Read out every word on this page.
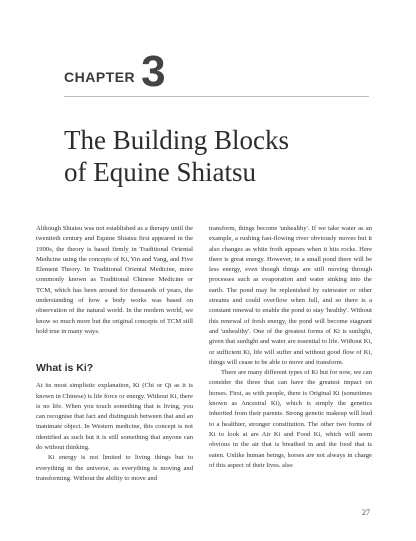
CHAPTER 3
The Building Blocks
of Equine Shiatsu

Although Shiatsu was not established as a therapy until the twentieth century and Equine Shiatsu first appeared in the 1990s, the theory is based firmly in Traditional Oriental Medicine using the concepts of Ki, Yin and Yang, and Five Element Theory. In Traditional Oriental Medicine, more commonly known as Traditional Chinese Medicine or TCM, which has been around for thousands of years, the understanding of how a body works was based on observation of the natural world. In the modern world, we know so much more but the original concepts of TCM still hold true in many ways.

What is Ki?

At its most simplistic explanation, Ki (Chi or Qi as it is known in Chinese) is life force or energy. Without Ki, there is no life. When you touch something that is living, you can recognise that fact and distinguish between that and an inanimate object. In Western medicine, this concept is not identified as such but it is still something that anyone can do without thinking.

Ki energy is not limited to living things but to everything in the universe, as everything is moving and transforming. Without the ability to move and

transform, things become 'unhealthy'. If we take water as an example, a rushing fast-flowing river obviously moves but it also changes as white froth appears when it hits rocks. Here there is great energy. However, in a small pond there will be less energy, even though things are still moving through processes such as evaporation and water sinking into the earth. The pond may be replenished by rainwater or other streams and could overflow when full, and so there is a constant renewal to enable the pond to stay 'healthy'. Without this renewal of fresh energy, the pond will become stagnant and 'unhealthy'. One of the greatest forms of Ki is sunlight, given that sunlight and water are essential to life. Without Ki, or sufficient Ki, life will suffer and without good flow of Ki, things will cease to be able to move and transform.

There are many different types of Ki but for now, we can consider the three that can have the greatest impact on horses. First, as with people, there is Original Ki (sometimes known as Ancestral Ki), which is simply the genetics inherited from their parents. Strong genetic makeup will lead to a healthier, stronger constitution. The other two forms of Ki to look at are Air Ki and Food Ki, which will seem obvious in the air that is breathed in and the food that is eaten. Unlike human beings, horses are not always in charge of this aspect of their lives. also

27
